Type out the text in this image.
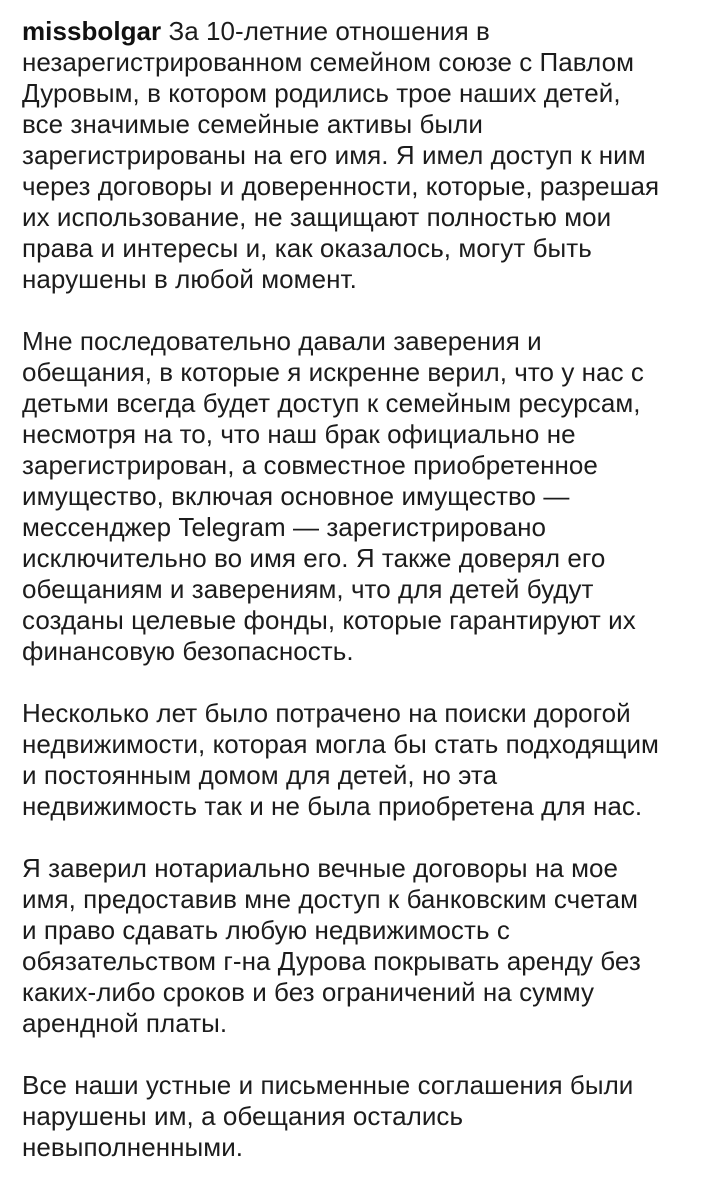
missbolgar За 10-летние отношения в
незарегистрированном семейном союзе с Павлом
Дуровым, в котором родились трое наших детей,
все значимые семейные активы были
зарегистрированы на его имя. Я имел доступ к ним
через договоры и доверенности, которые, разрешая
их использование, не защищают полностью мои
права и интересы и, как оказалось, могут быть
нарушены в любой момент.
Мне последовательно давали заверения и
обещания, в которые я искренне верил, что у нас с
детьми всегда будет доступ к семейным ресурсам,
несмотря на то, что наш брак официально не
зарегистрирован, а совместное приобретенное
имущество, включая основное имущество —
мессенджер Telegram — зарегистрировано
исключительно во имя его. Я также доверял его
обещаниям и заверениям, что для детей будут
созданы целевые фонды, которые гарантируют их
финансовую безопасность.
Несколько лет было потрачено на поиски дорогой
недвижимости, которая могла бы стать подходящим
и постоянным домом для детей, но эта
недвижимость так и не была приобретена для нас.
Я заверил нотариально вечные договоры на мое
имя, предоставив мне доступ к банковским счетам
и право сдавать любую недвижимость с
обязательством г-на Дурова покрывать аренду без
каких-либо сроков и без ограничений на сумму
арендной платы.
Все наши устные и письменные соглашения были
нарушены им, а обещания остались
невыполненными.
